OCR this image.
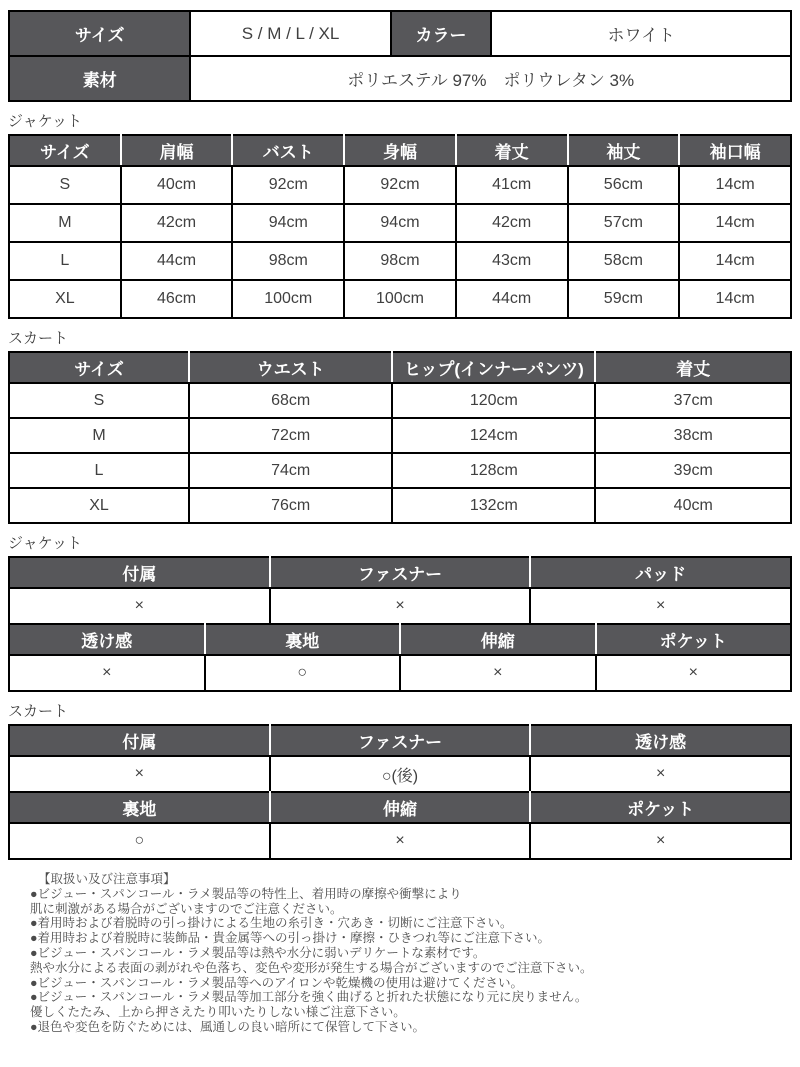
サイズ	S / M / L / XL	カラー	ホワイト
素材	ポリエステル 97%　ポリウレタン 3%		
ジャケット
サイズ	肩幅	バスト	身幅	着丈	袖丈	袖口幅
S	40cm	92cm	92cm	41cm	56cm	14cm
M	42cm	94cm	94cm	42cm	57cm	14cm
L	44cm	98cm	98cm	43cm	58cm	14cm
XL	46cm	100cm	100cm	44cm	59cm	14cm
スカート
サイズ	ウエスト	ヒップ(インナーパンツ)	着丈
S	68cm	120cm	37cm
M	72cm	124cm	38cm
L	74cm	128cm	39cm
XL	76cm	132cm	40cm
ジャケット
付属	ファスナー	パッド
×	×	×
透け感	裏地	伸縮	ポケット
×	○	×	×
スカート
付属	ファスナー	透け感
×	○(後)	×
裏地	伸縮	ポケット
○	×	×
【取扱い及び注意事項】
●ビジュー・スパンコール・ラメ製品等の特性上、着用時の摩擦や衝撃により
肌に刺激がある場合がございますのでご注意ください。
●着用時および着脱時の引っ掛けによる生地の糸引き・穴あき・切断にご注意下さい。
●着用時および着脱時に装飾品・貴金属等への引っ掛け・摩擦・ひきつれ等にご注意下さい。
●ビジュー・スパンコール・ラメ製品等は熱や水分に弱いデリケートな素材です。
熱や水分による表面の剥がれや色落ち、変色や変形が発生する場合がございますのでご注意下さい。
●ビジュー・スパンコール・ラメ製品等へのアイロンや乾燥機の使用は避けてください。
●ビジュー・スパンコール・ラメ製品等加工部分を強く曲げると折れた状態になり元に戻りません。
優しくたたみ、上から押さえたり叩いたりしない様ご注意下さい。
●退色や変色を防ぐためには、風通しの良い暗所にて保管して下さい。
